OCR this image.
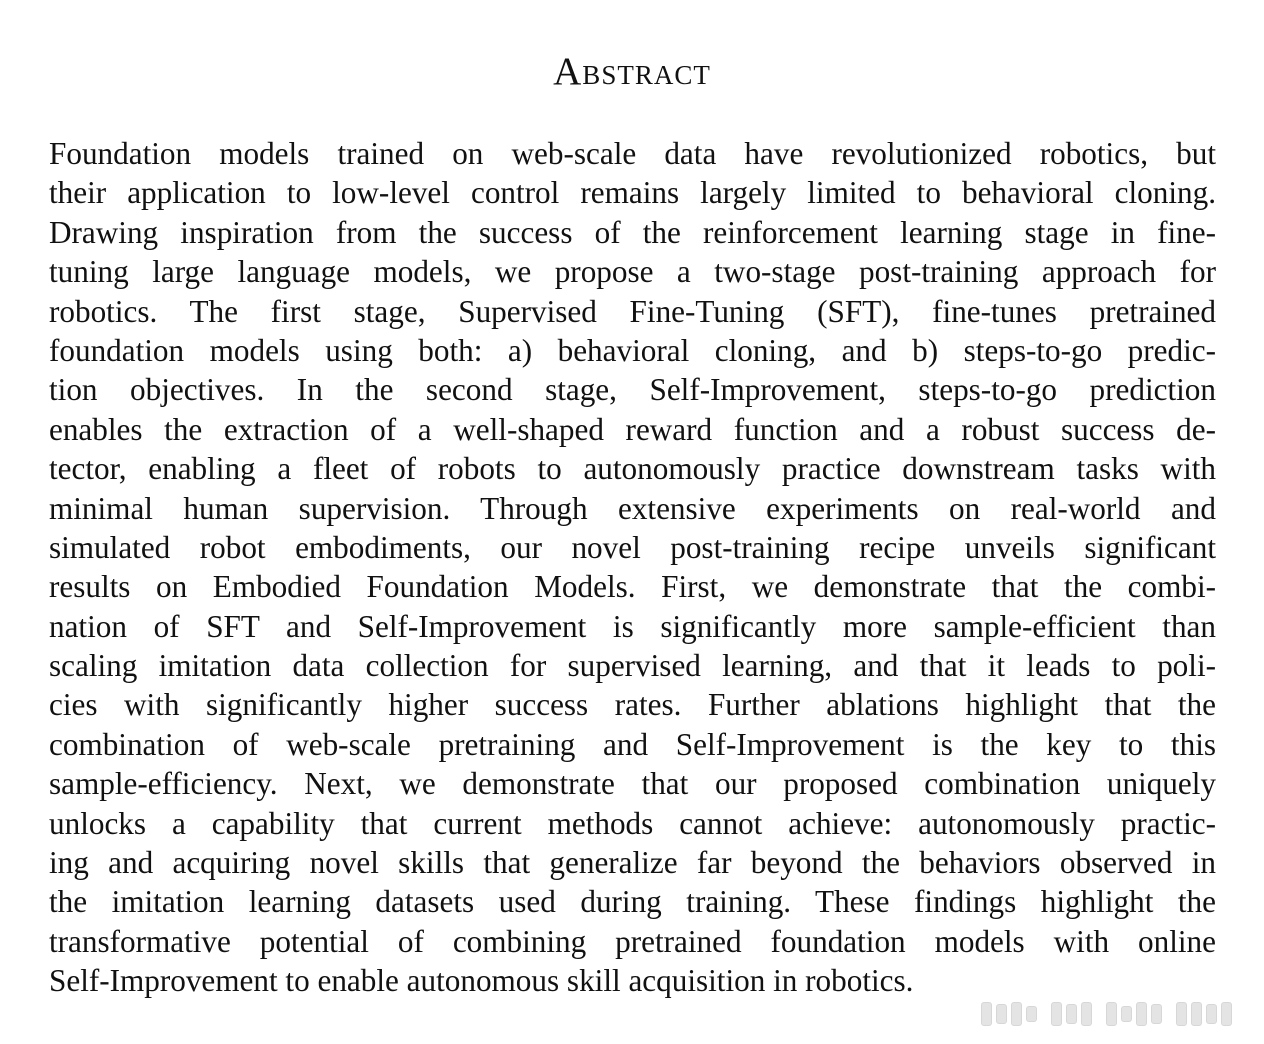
Abstract
Foundation models trained on web-scale data have revolutionized robotics, but
their application to low-level control remains largely limited to behavioral cloning.
Drawing inspiration from the success of the reinforcement learning stage in fine-
tuning large language models, we propose a two-stage post-training approach for
robotics. The first stage, Supervised Fine-Tuning (SFT), fine-tunes pretrained
foundation models using both: a) behavioral cloning, and b) steps-to-go predic-
tion objectives. In the second stage, Self-Improvement, steps-to-go prediction
enables the extraction of a well-shaped reward function and a robust success de-
tector, enabling a fleet of robots to autonomously practice downstream tasks with
minimal human supervision. Through extensive experiments on real-world and
simulated robot embodiments, our novel post-training recipe unveils significant
results on Embodied Foundation Models. First, we demonstrate that the combi-
nation of SFT and Self-Improvement is significantly more sample-efficient than
scaling imitation data collection for supervised learning, and that it leads to poli-
cies with significantly higher success rates. Further ablations highlight that the
combination of web-scale pretraining and Self-Improvement is the key to this
sample-efficiency. Next, we demonstrate that our proposed combination uniquely
unlocks a capability that current methods cannot achieve: autonomously practic-
ing and acquiring novel skills that generalize far beyond the behaviors observed in
the imitation learning datasets used during training. These findings highlight the
transformative potential of combining pretrained foundation models with online
Self-Improvement to enable autonomous skill acquisition in robotics.
